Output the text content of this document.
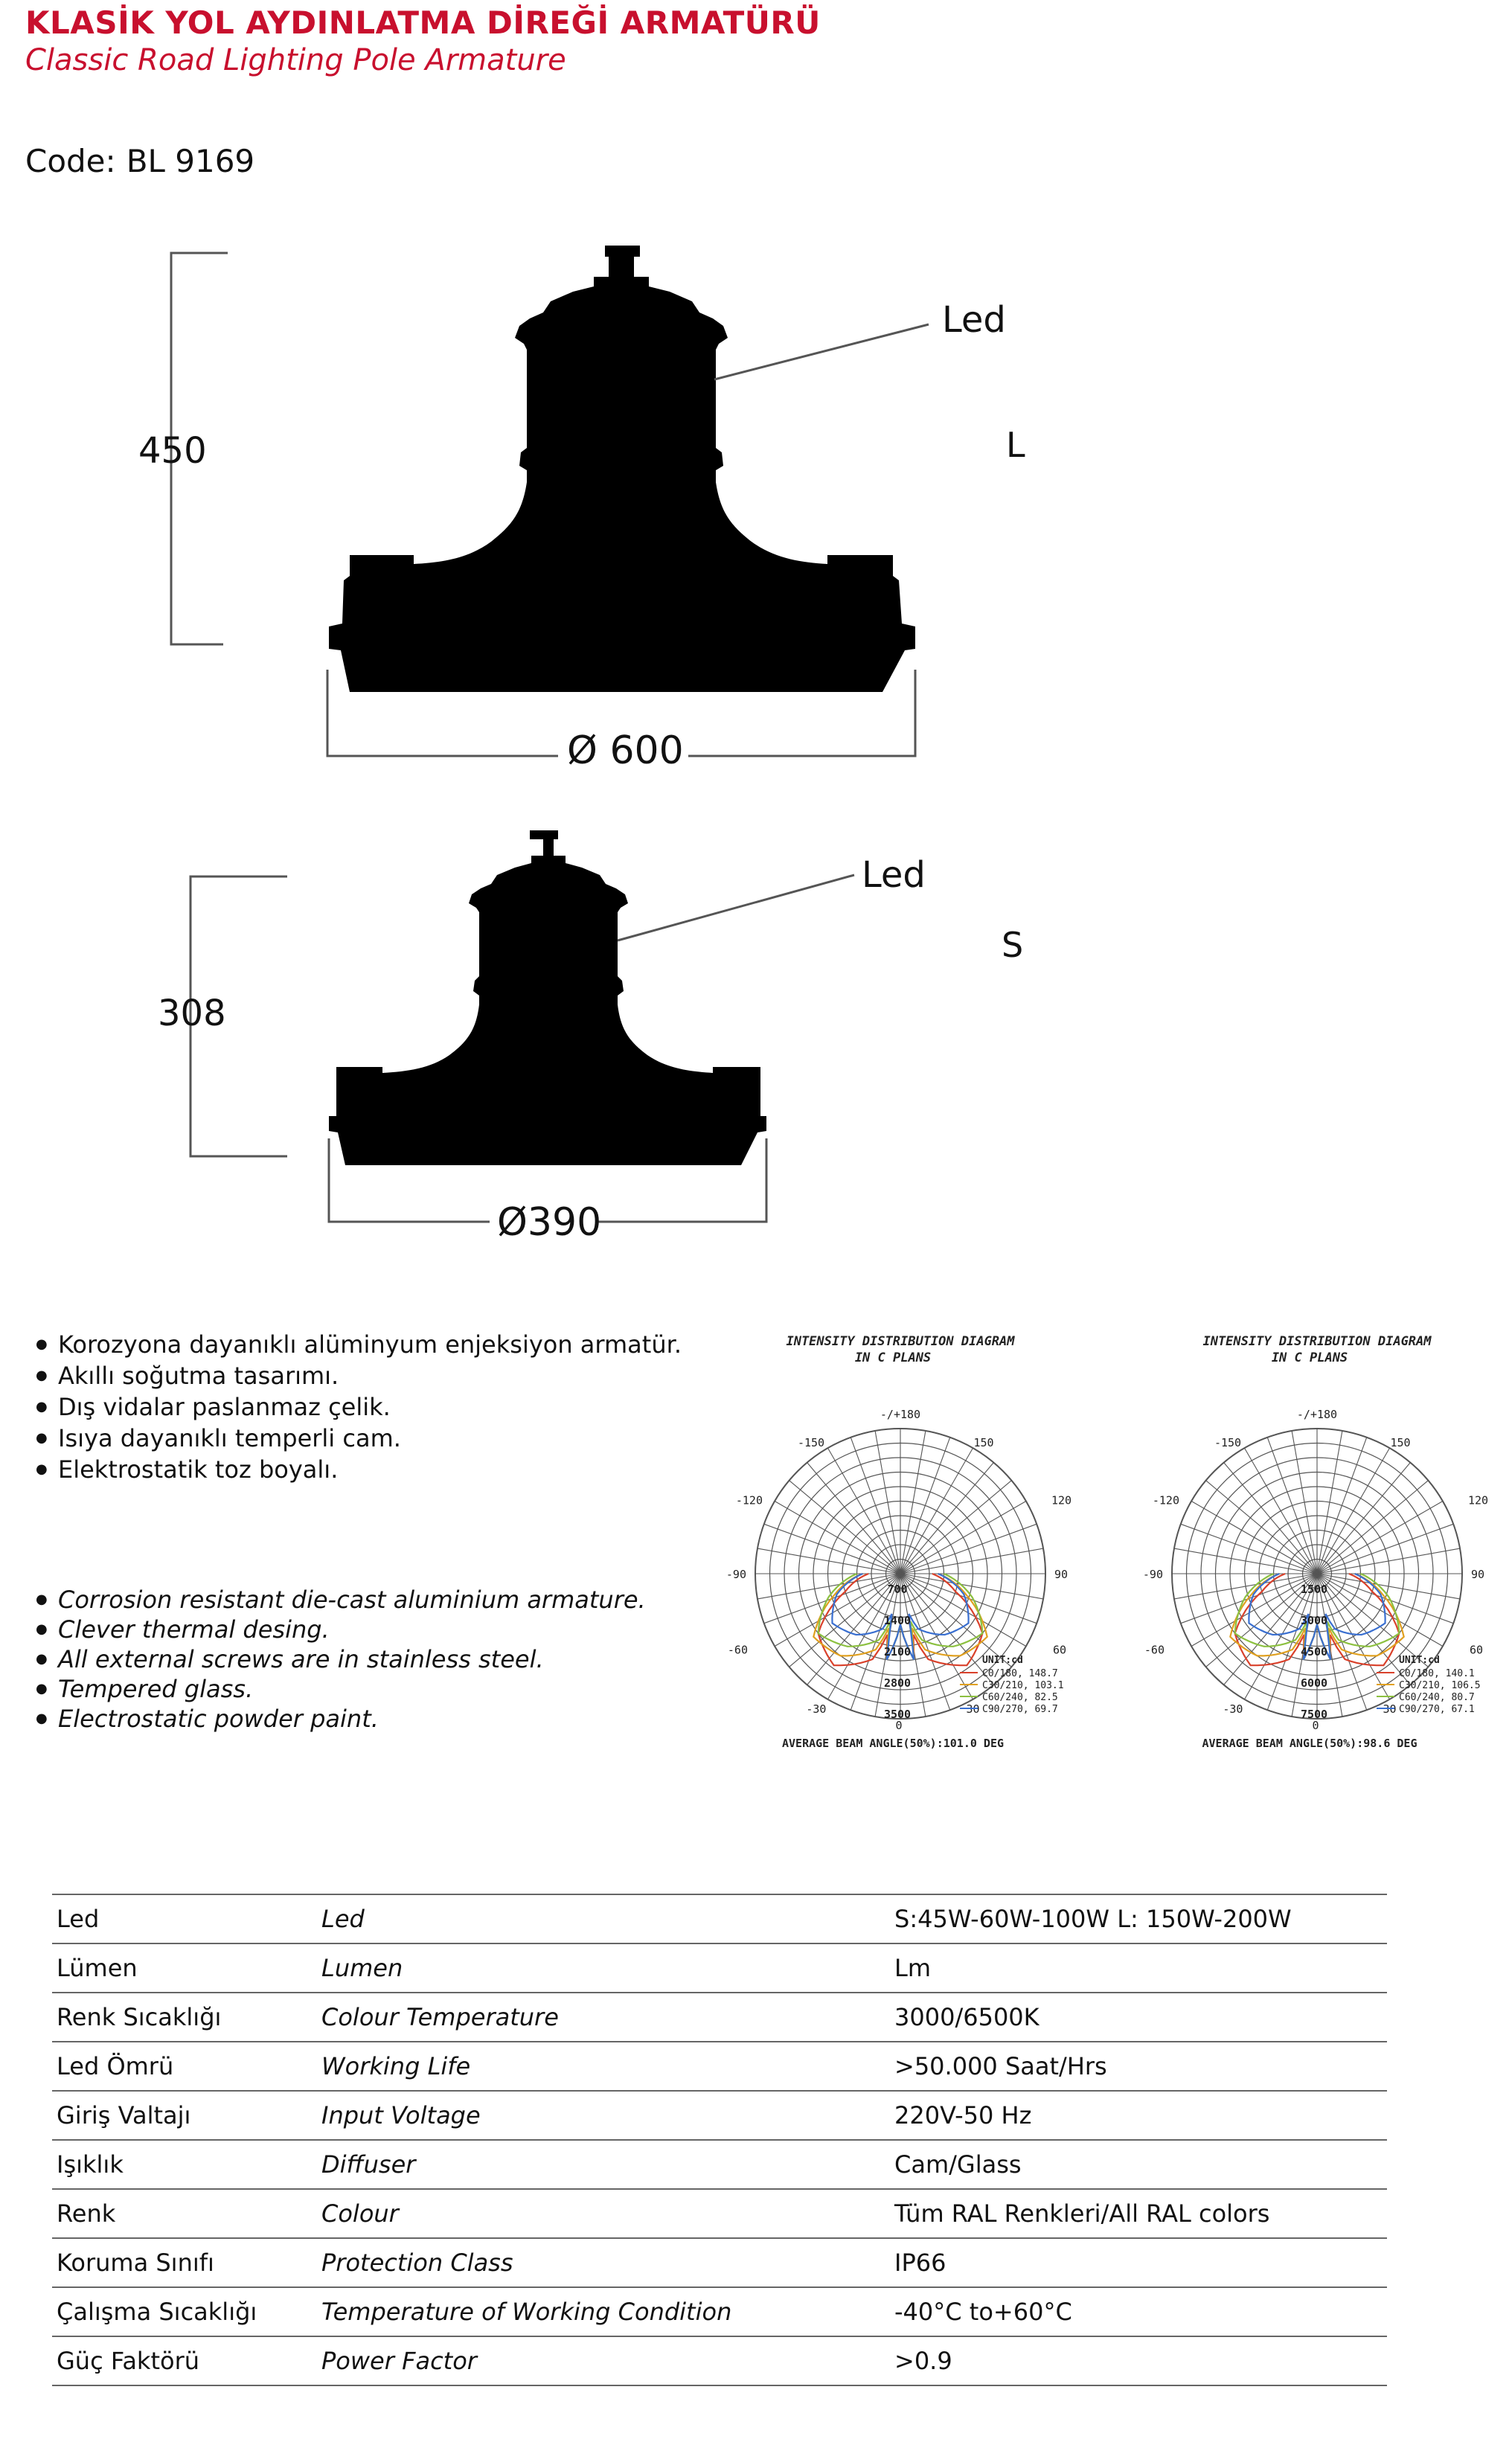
KLASİK YOL AYDINLATMA DİREĞİ ARMATÜRÜ
Classic Road Lighting Pole Armature
Code: BL 9169
450
Ø 600
Led
L
308
Ø390
Led
S
● Korozyona dayanıklı alüminyum enjeksiyon armatür.
● Akıllı soğutma tasarımı.
● Dış vidalar paslanmaz çelik.
● Isıya dayanıklı temperli cam.
● Elektrostatik toz boyalı.
● Corrosion resistant die-cast aluminium armature.
● Clever thermal desing.
● All external screws are in stainless steel.
● Tempered glass.
● Electrostatic powder paint.
INTENSITY DISTRIBUTION DIAGRAM
IN C PLANS
-/+180
-150	150
-120	120
-90	90
-60	60
-30	30
0
700
1400
2100
2800
3500
UNIT:cd
C0/180, 148.7
C30/210, 103.1
C60/240, 82.5
C90/270, 69.7
AVERAGE BEAM ANGLE(50%):101.0 DEG
INTENSITY DISTRIBUTION DIAGRAM
IN C PLANS
-/+180
-150	150
-120	120
-90	90
-60	60
-30	30
0
1500
3000
4500
6000
7500
UNIT:cd
C0/180, 140.1
C30/210, 106.5
C60/240, 80.7
C90/270, 67.1
AVERAGE BEAM ANGLE(50%):98.6 DEG
Led	Led	S:45W-60W-100W L: 150W-200W
Lümen	Lumen	Lm
Renk Sıcaklığı	Colour Temperature	3000/6500K
Led Ömrü	Working Life	>50.000 Saat/Hrs
Giriş Valtajı	Input Voltage	220V-50 Hz
Işıklık	Diffuser	Cam/Glass
Renk	Colour	Tüm RAL Renkleri/All RAL colors
Koruma Sınıfı	Protection Class	IP66
Çalışma Sıcaklığı	Temperature of Working Condition	-40°C to+60°C
Güç Faktörü	Power Factor	>0.9
